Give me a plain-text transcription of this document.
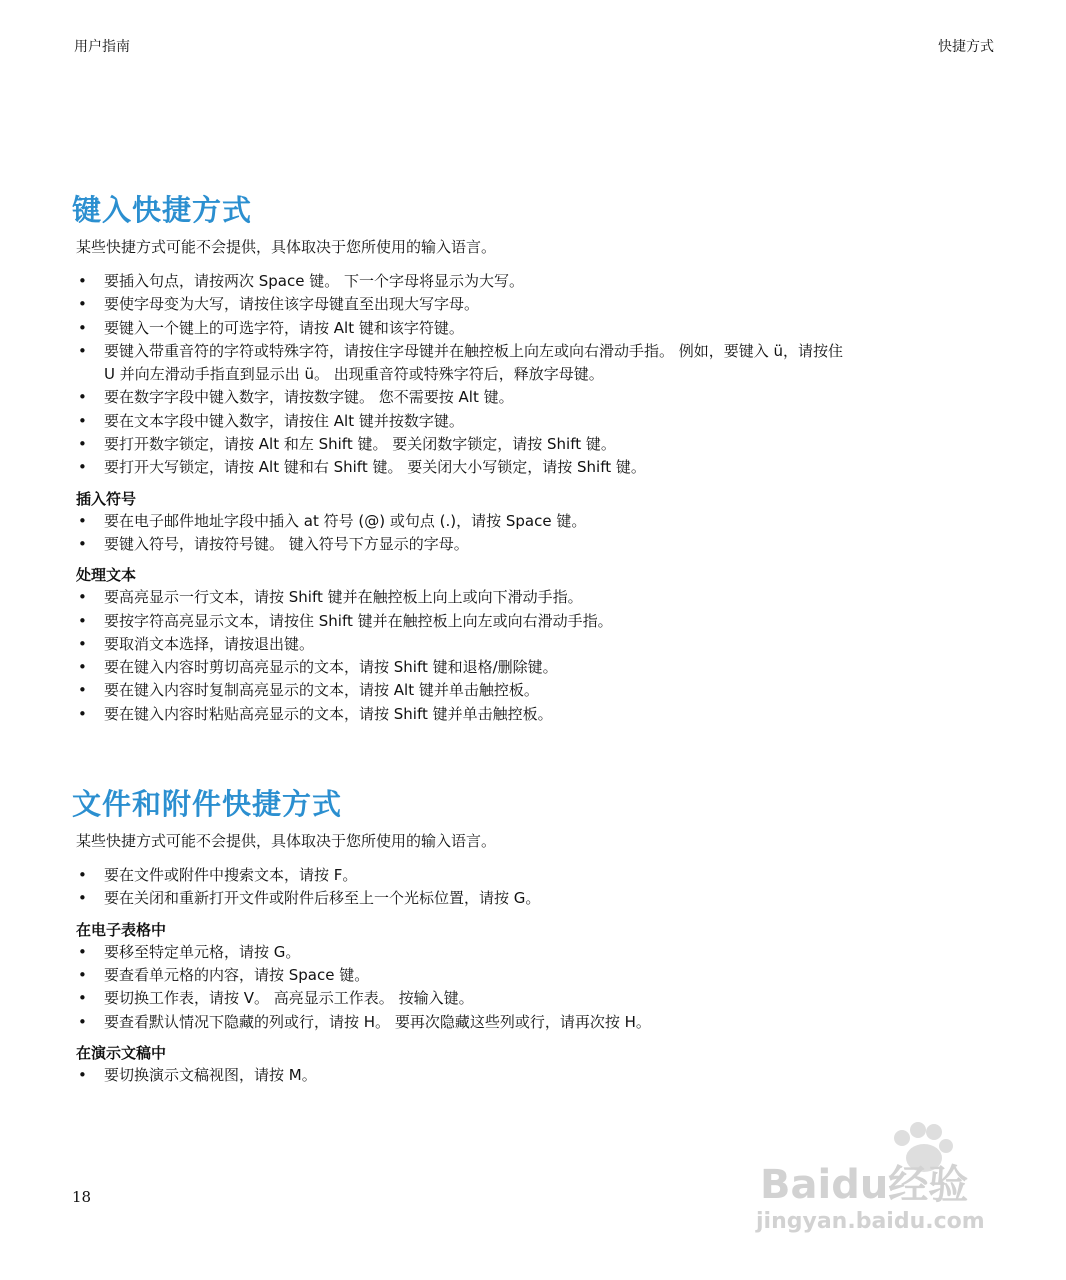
用户指南	快捷方式
键入快捷方式
某些快捷方式可能不会提供，具体取决于您所使用的输入语言。
• 要插入句点，请按两次 Space 键。 下一个字母将显示为大写。
• 要使字母变为大写，请按住该字母键直至出现大写字母。
• 要键入一个键上的可选字符，请按 Alt 键和该字符键。
• 要键入带重音符的字符或特殊字符，请按住字母键并在触控板上向左或向右滑动手指。 例如，要键入 ü，请按住
U 并向左滑动手指直到显示出 ü。 出现重音符或特殊字符后，释放字母键。
• 要在数字字段中键入数字，请按数字键。 您不需要按 Alt 键。
• 要在文本字段中键入数字，请按住 Alt 键并按数字键。
• 要打开数字锁定，请按 Alt 和左 Shift 键。 要关闭数字锁定，请按 Shift 键。
• 要打开大写锁定，请按 Alt 键和右 Shift 键。 要关闭大小写锁定，请按 Shift 键。
插入符号
• 要在电子邮件地址字段中插入 at 符号 (@) 或句点 (.)，请按 Space 键。
• 要键入符号，请按符号键。 键入符号下方显示的字母。
处理文本
• 要高亮显示一行文本，请按 Shift 键并在触控板上向上或向下滑动手指。
• 要按字符高亮显示文本，请按住 Shift 键并在触控板上向左或向右滑动手指。
• 要取消文本选择，请按退出键。
• 要在键入内容时剪切高亮显示的文本，请按 Shift 键和退格/删除键。
• 要在键入内容时复制高亮显示的文本，请按 Alt 键并单击触控板。
• 要在键入内容时粘贴高亮显示的文本，请按 Shift 键并单击触控板。
文件和附件快捷方式
某些快捷方式可能不会提供，具体取决于您所使用的输入语言。
• 要在文件或附件中搜索文本，请按 F。
• 要在关闭和重新打开文件或附件后移至上一个光标位置，请按 G。
在电子表格中
• 要移至特定单元格，请按 G。
• 要查看单元格的内容，请按 Space 键。
• 要切换工作表，请按 V。 高亮显示工作表。 按输入键。
• 要查看默认情况下隐藏的列或行，请按 H。 要再次隐藏这些列或行，请再次按 H。
在演示文稿中
• 要切换演示文稿视图，请按 M。
18	Baidu经验
jingyan.baidu.com
